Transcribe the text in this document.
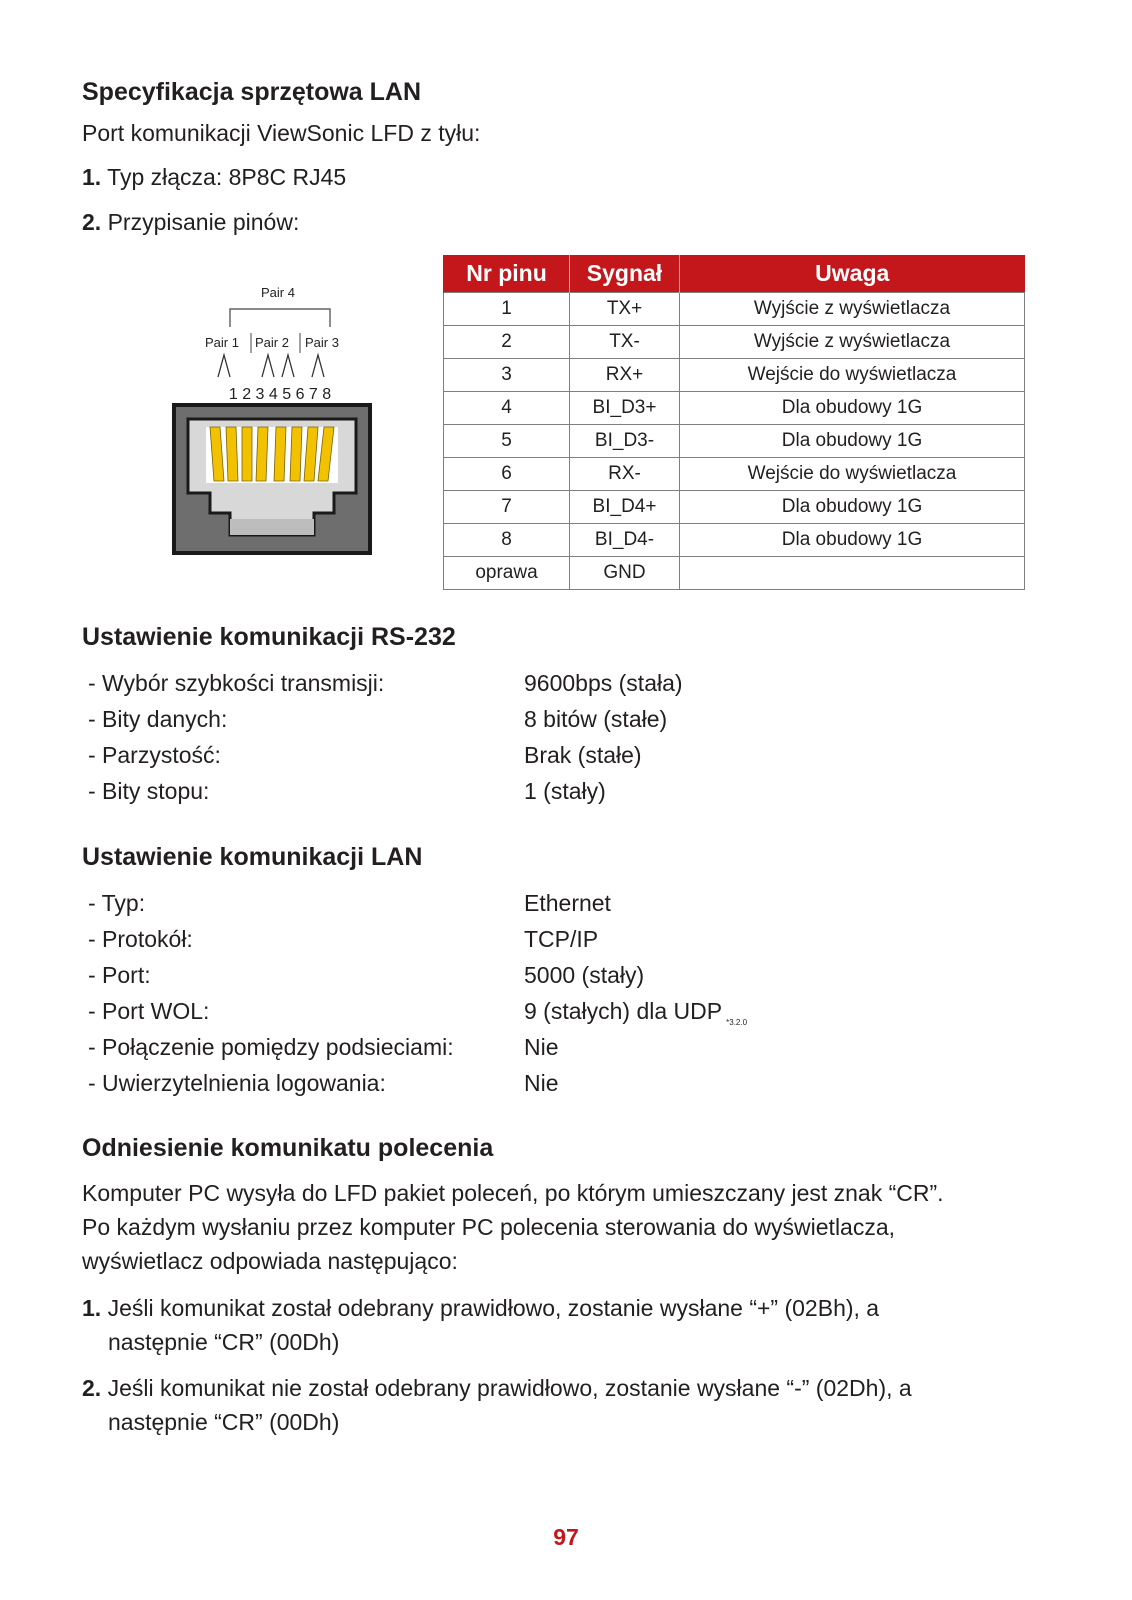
Specyfikacja sprzętowa LAN

Port komunikacji ViewSonic LFD z tyłu:

1. Typ złącza: 8P8C RJ45

2. Przypisanie pinów:

Pair 4
Pair 1 Pair 2 Pair 3
1 2 3 4 5 6 7 8
Nr pinu	Sygnał	Uwaga
1	TX+	Wyjście z wyświetlacza
2	TX-	Wyjście z wyświetlacza
3	RX+	Wejście do wyświetlacza
4	BI_D3+	Dla obudowy 1G
5	BI_D3-	Dla obudowy 1G
6	RX-	Wejście do wyświetlacza
7	BI_D4+	Dla obudowy 1G
8	BI_D4-	Dla obudowy 1G
oprawa	GND	
Ustawienie komunikacji RS-232
- Wybór szybkości transmisji:	9600bps (stała)
- Bity danych:	8 bitów (stałe)
- Parzystość:	Brak (stałe)
- Bity stopu:	1 (stały)
Ustawienie komunikacji LAN
- Typ:	Ethernet
- Protokół:	TCP/IP
- Port:	5000 (stały)
- Port WOL:	9 (stałych) dla UDP $_{*3.2.0}$
- Połączenie pomiędzy podsieciami:	Nie
- Uwierzytelnienia logowania:	Nie
Odniesienie komunikatu polecenia

Komputer PC wysyła do LFD pakiet poleceń, po którym umieszczany jest znak “CR”.

Po każdym wysłaniu przez komputer PC polecenia sterowania do wyświetlacza,

wyświetlacz odpowiada następująco:

1. Jeśli komunikat został odebrany prawidłowo, zostanie wysłane “+” (02Bh), a

następnie “CR” (00Dh)

2. Jeśli komunikat nie został odebrany prawidłowo, zostanie wysłane “-” (02Dh), a

następnie “CR” (00Dh)

97
